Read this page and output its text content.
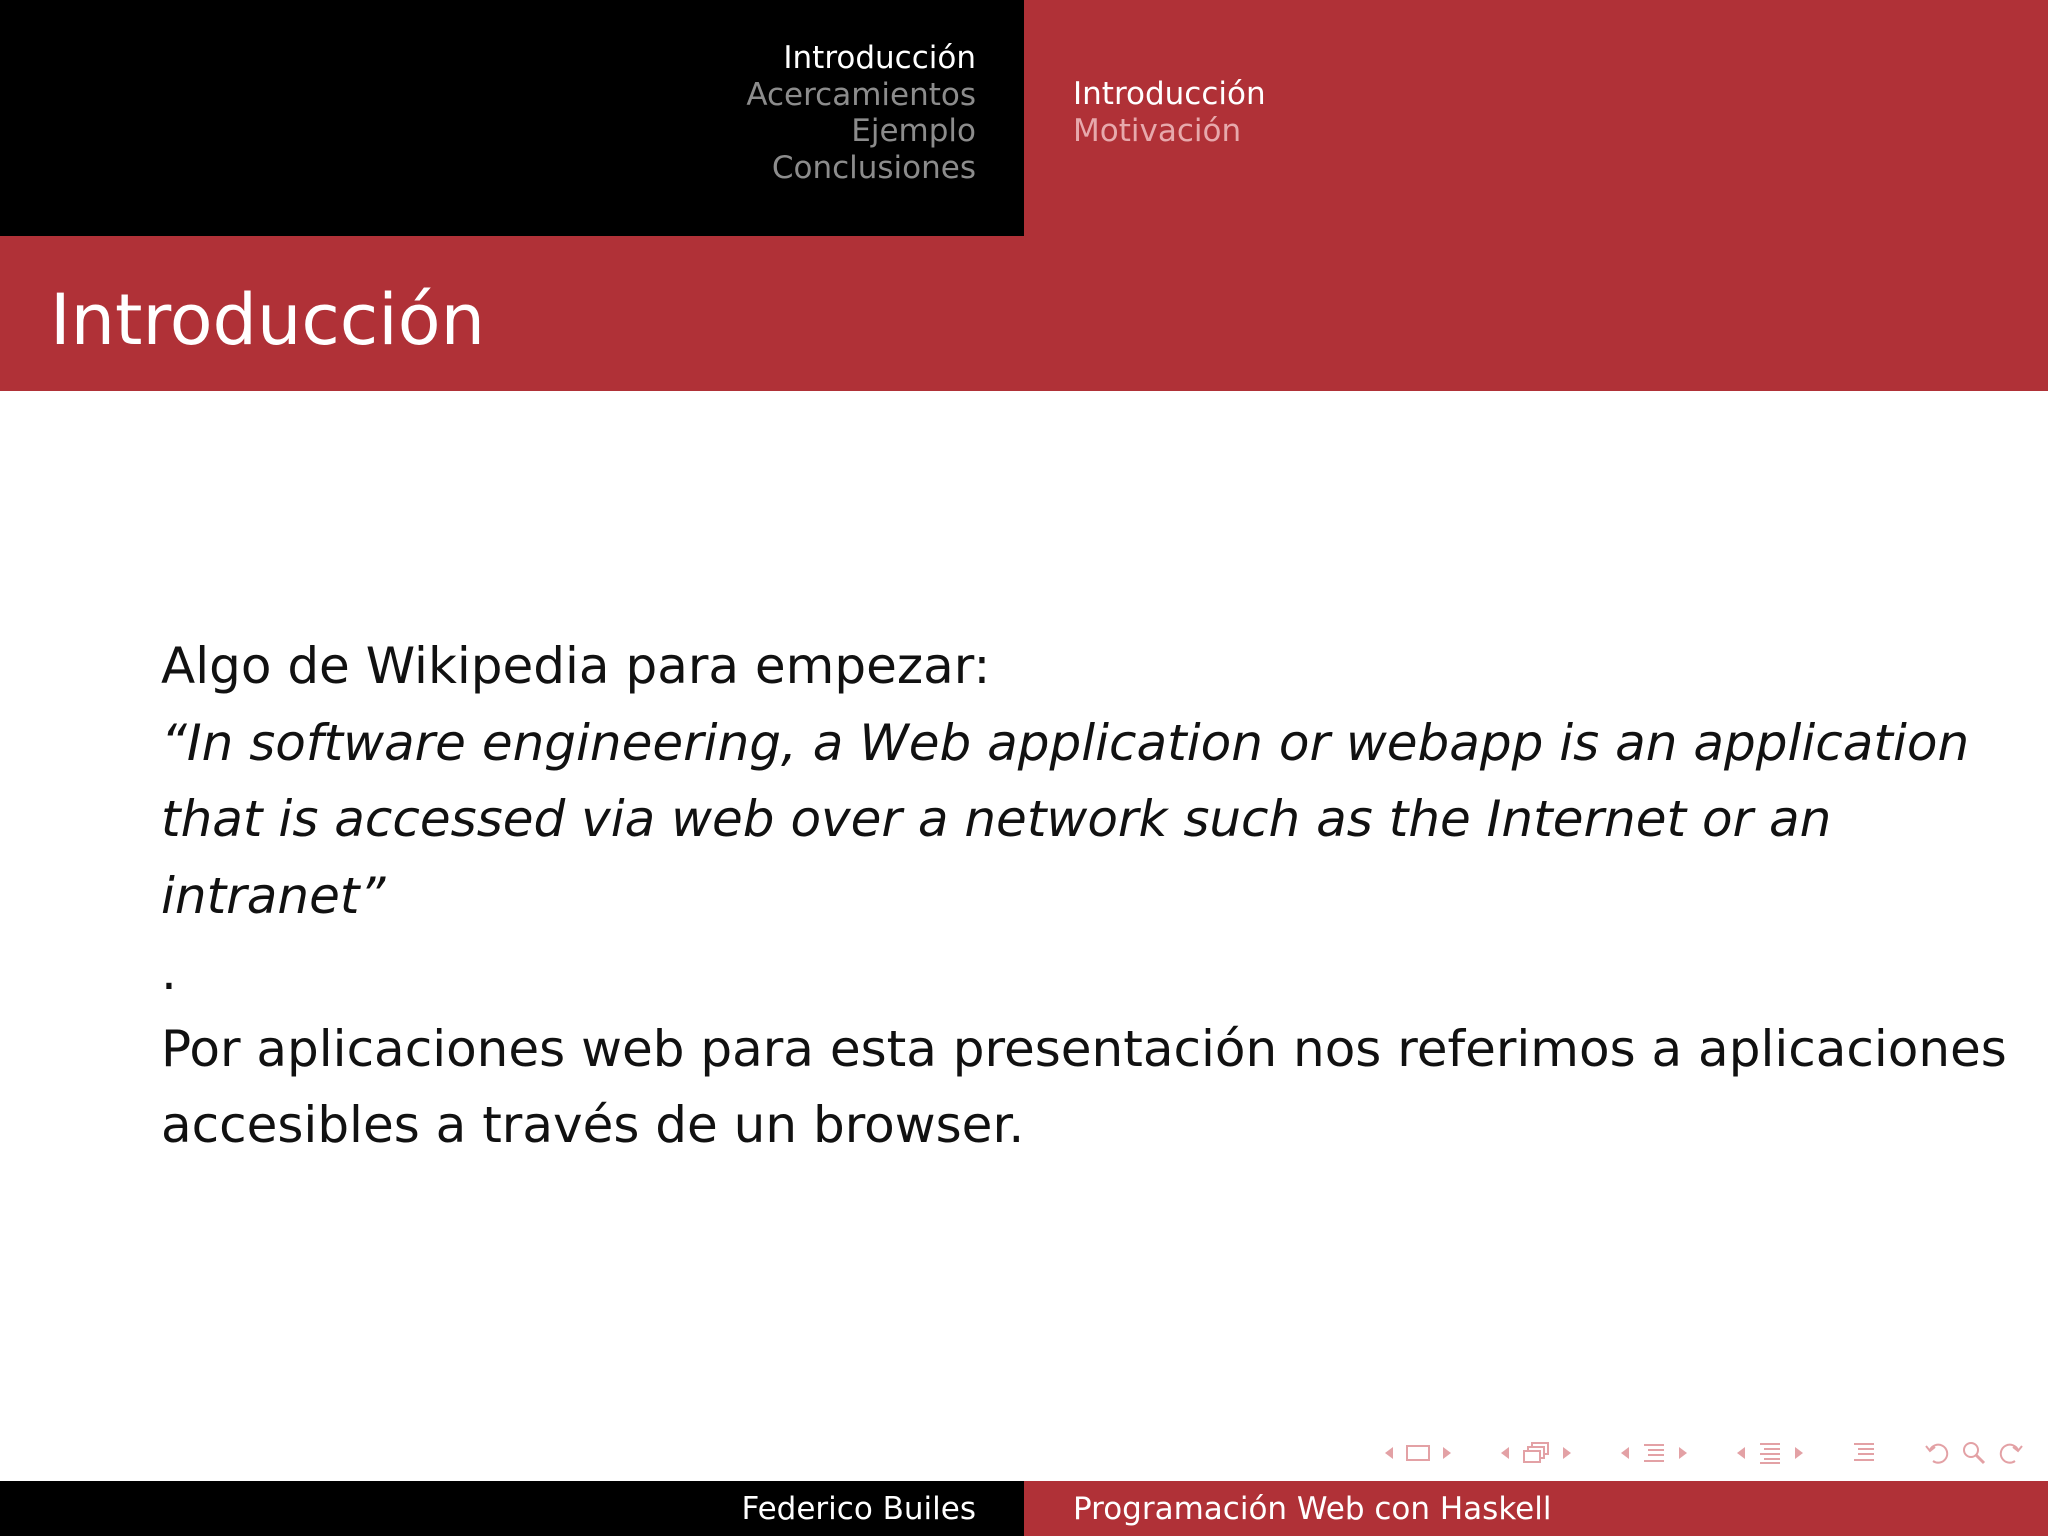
Introducción
Acercamientos
Ejemplo
Conclusiones
Introducción
Motivación
Introducción

Algo de Wikipedia para empezar:

“In software engineering, a Web application or webapp is an application that is accessed via web over a network such as the Internet or an intranet”

.

Por aplicaciones web para esta presentación nos referimos a aplicaciones accesibles a través de un browser.

Federico Builes	Programación Web con Haskell
